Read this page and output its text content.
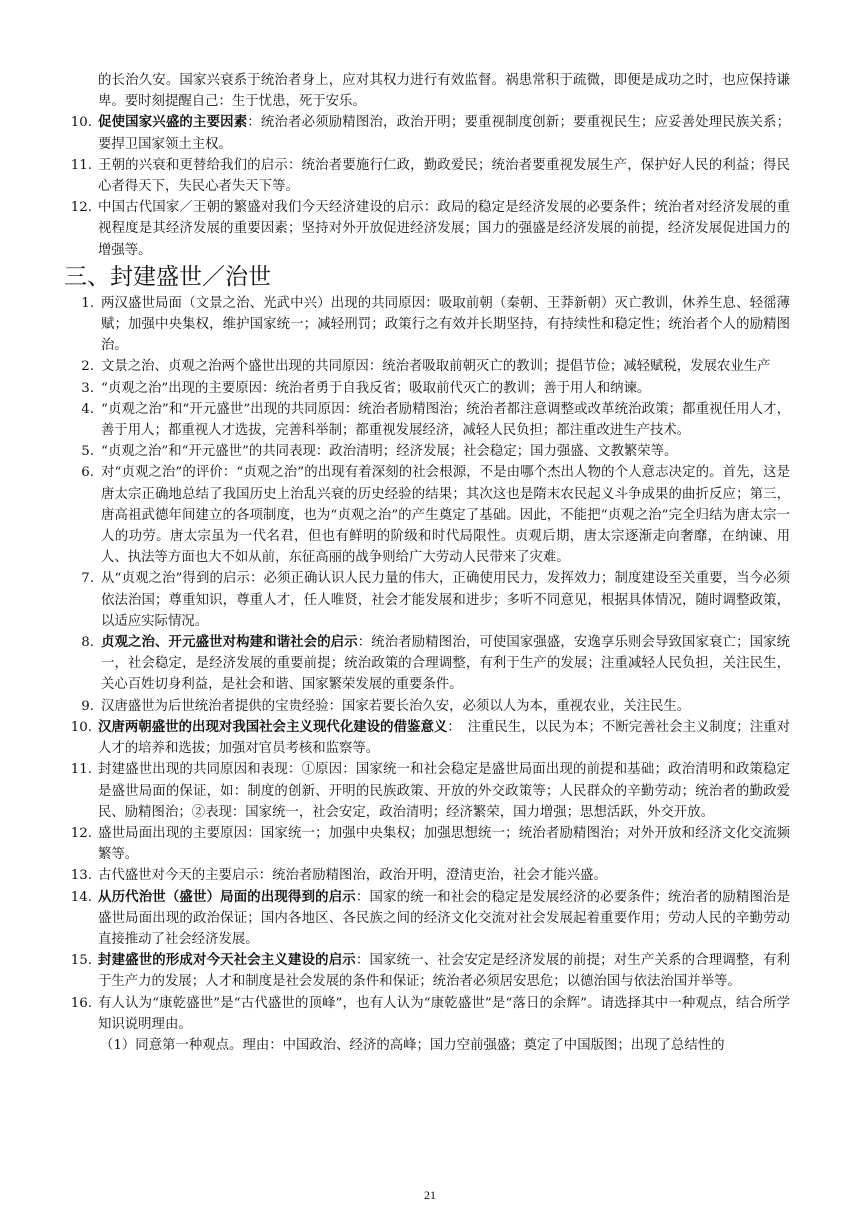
的长治久安。国家兴衰系于统治者身上，应对其权力进行有效监督。祸患常积于疏微，即便是成功之时，也应保持谦卑。要时刻提醒自己：生于忧患，死于安乐。
10. 促使国家兴盛的主要因素：统治者必须励精图治，政治开明；要重视制度创新；要重视民生；应妥善处理民族关系；要捍卫国家领土主权。
11. 王朝的兴衰和更替给我们的启示：统治者要施行仁政，勤政爱民；统治者要重视发展生产，保护好人民的利益；得民心者得天下，失民心者失天下等。
12. 中国古代国家／王朝的繁盛对我们今天经济建设的启示：政局的稳定是经济发展的必要条件；统治者对经济发展的重视程度是其经济发展的重要因素；坚持对外开放促进经济发展；国力的强盛是经济发展的前提，经济发展促进国力的增强等。
三、封建盛世／治世
1. 两汉盛世局面（文景之治、光武中兴）出现的共同原因：吸取前朝（秦朝、王莽新朝）灭亡教训，休养生息、轻徭薄赋；加强中央集权，维护国家统一；减轻刑罚；政策行之有效并长期坚持，有持续性和稳定性；统治者个人的励精图治。
2. 文景之治、贞观之治两个盛世出现的共同原因：统治者吸取前朝灭亡的教训；提倡节俭；减轻赋税，发展农业生产
3. “贞观之治”出现的主要原因：统治者勇于自我反省；吸取前代灭亡的教训；善于用人和纳谏。
4. “贞观之治”和“开元盛世”出现的共同原因：统治者励精图治；统治者都注意调整或改革统治政策；都重视任用人才，善于用人；都重视人才选拔，完善科举制；都重视发展经济，减轻人民负担；都注重改进生产技术。
5. “贞观之治”和“开元盛世”的共同表现：政治清明；经济发展；社会稳定；国力强盛、文教繁荣等。
6. 对“贞观之治”的评价：“贞观之治”的出现有着深刻的社会根源，不是由哪个杰出人物的个人意志决定的。首先，这是唐太宗正确地总结了我国历史上治乱兴衰的历史经验的结果；其次这也是隋末农民起义斗争成果的曲折反应；第三，唐高祖武德年间建立的各项制度，也为“贞观之治”的产生奠定了基础。因此，不能把“贞观之治”完全归结为唐太宗一人的功劳。唐太宗虽为一代名君，但也有鲜明的阶级和时代局限性。贞观后期，唐太宗逐渐走向奢靡，在纳谏、用人、执法等方面也大不如从前，东征高丽的战争则给广大劳动人民带来了灾难。
7. 从“贞观之治”得到的启示：必须正确认识人民力量的伟大，正确使用民力，发挥效力；制度建设至关重要，当今必须依法治国；尊重知识，尊重人才，任人唯贤，社会才能发展和进步；多听不同意见，根据具体情况，随时调整政策，以适应实际情况。
8. 贞观之治、开元盛世对构建和谐社会的启示：统治者励精图治，可使国家强盛，安逸享乐则会导致国家衰亡；国家统一，社会稳定，是经济发展的重要前提；统治政策的合理调整，有利于生产的发展；注重减轻人民负担，关注民生，关心百姓切身利益，是社会和谐、国家繁荣发展的重要条件。
9. 汉唐盛世为后世统治者提供的宝贵经验：国家若要长治久安，必须以人为本，重视农业，关注民生。
10. 汉唐两朝盛世的出现对我国社会主义现代化建设的借鉴意义：　注重民生，以民为本；不断完善社会主义制度；注重对人才的培养和选拔；加强对官员考核和监察等。
11. 封建盛世出现的共同原因和表现：①原因：国家统一和社会稳定是盛世局面出现的前提和基础；政治清明和政策稳定是盛世局面的保证，如：制度的创新、开明的民族政策、开放的外交政策等；人民群众的辛勤劳动；统治者的勤政爱民、励精图治；②表现：国家统一，社会安定，政治清明；经济繁荣，国力增强；思想活跃，外交开放。
12. 盛世局面出现的主要原因：国家统一；加强中央集权；加强思想统一；统治者励精图治；对外开放和经济文化交流频繁等。
13. 古代盛世对今天的主要启示：统治者励精图治，政治开明，澄清吏治，社会才能兴盛。
14. 从历代治世（盛世）局面的出现得到的启示：国家的统一和社会的稳定是发展经济的必要条件；统治者的励精图治是盛世局面出现的政治保证；国内各地区、各民族之间的经济文化交流对社会发展起着重要作用；劳动人民的辛勤劳动直接推动了社会经济发展。
15. 封建盛世的形成对今天社会主义建设的启示：国家统一、社会安定是经济发展的前提；对生产关系的合理调整，有利于生产力的发展；人才和制度是社会发展的条件和保证；统治者必须居安思危；以德治国与依法治国并举等。
16. 有人认为“康乾盛世”是“古代盛世的顶峰”，也有人认为“康乾盛世”是“落日的余辉”。请选择其中一种观点，结合所学知识说明理由。
（1）同意第一种观点。理由：中国政治、经济的高峰；国力空前强盛；奠定了中国版图；出现了总结性的
21
